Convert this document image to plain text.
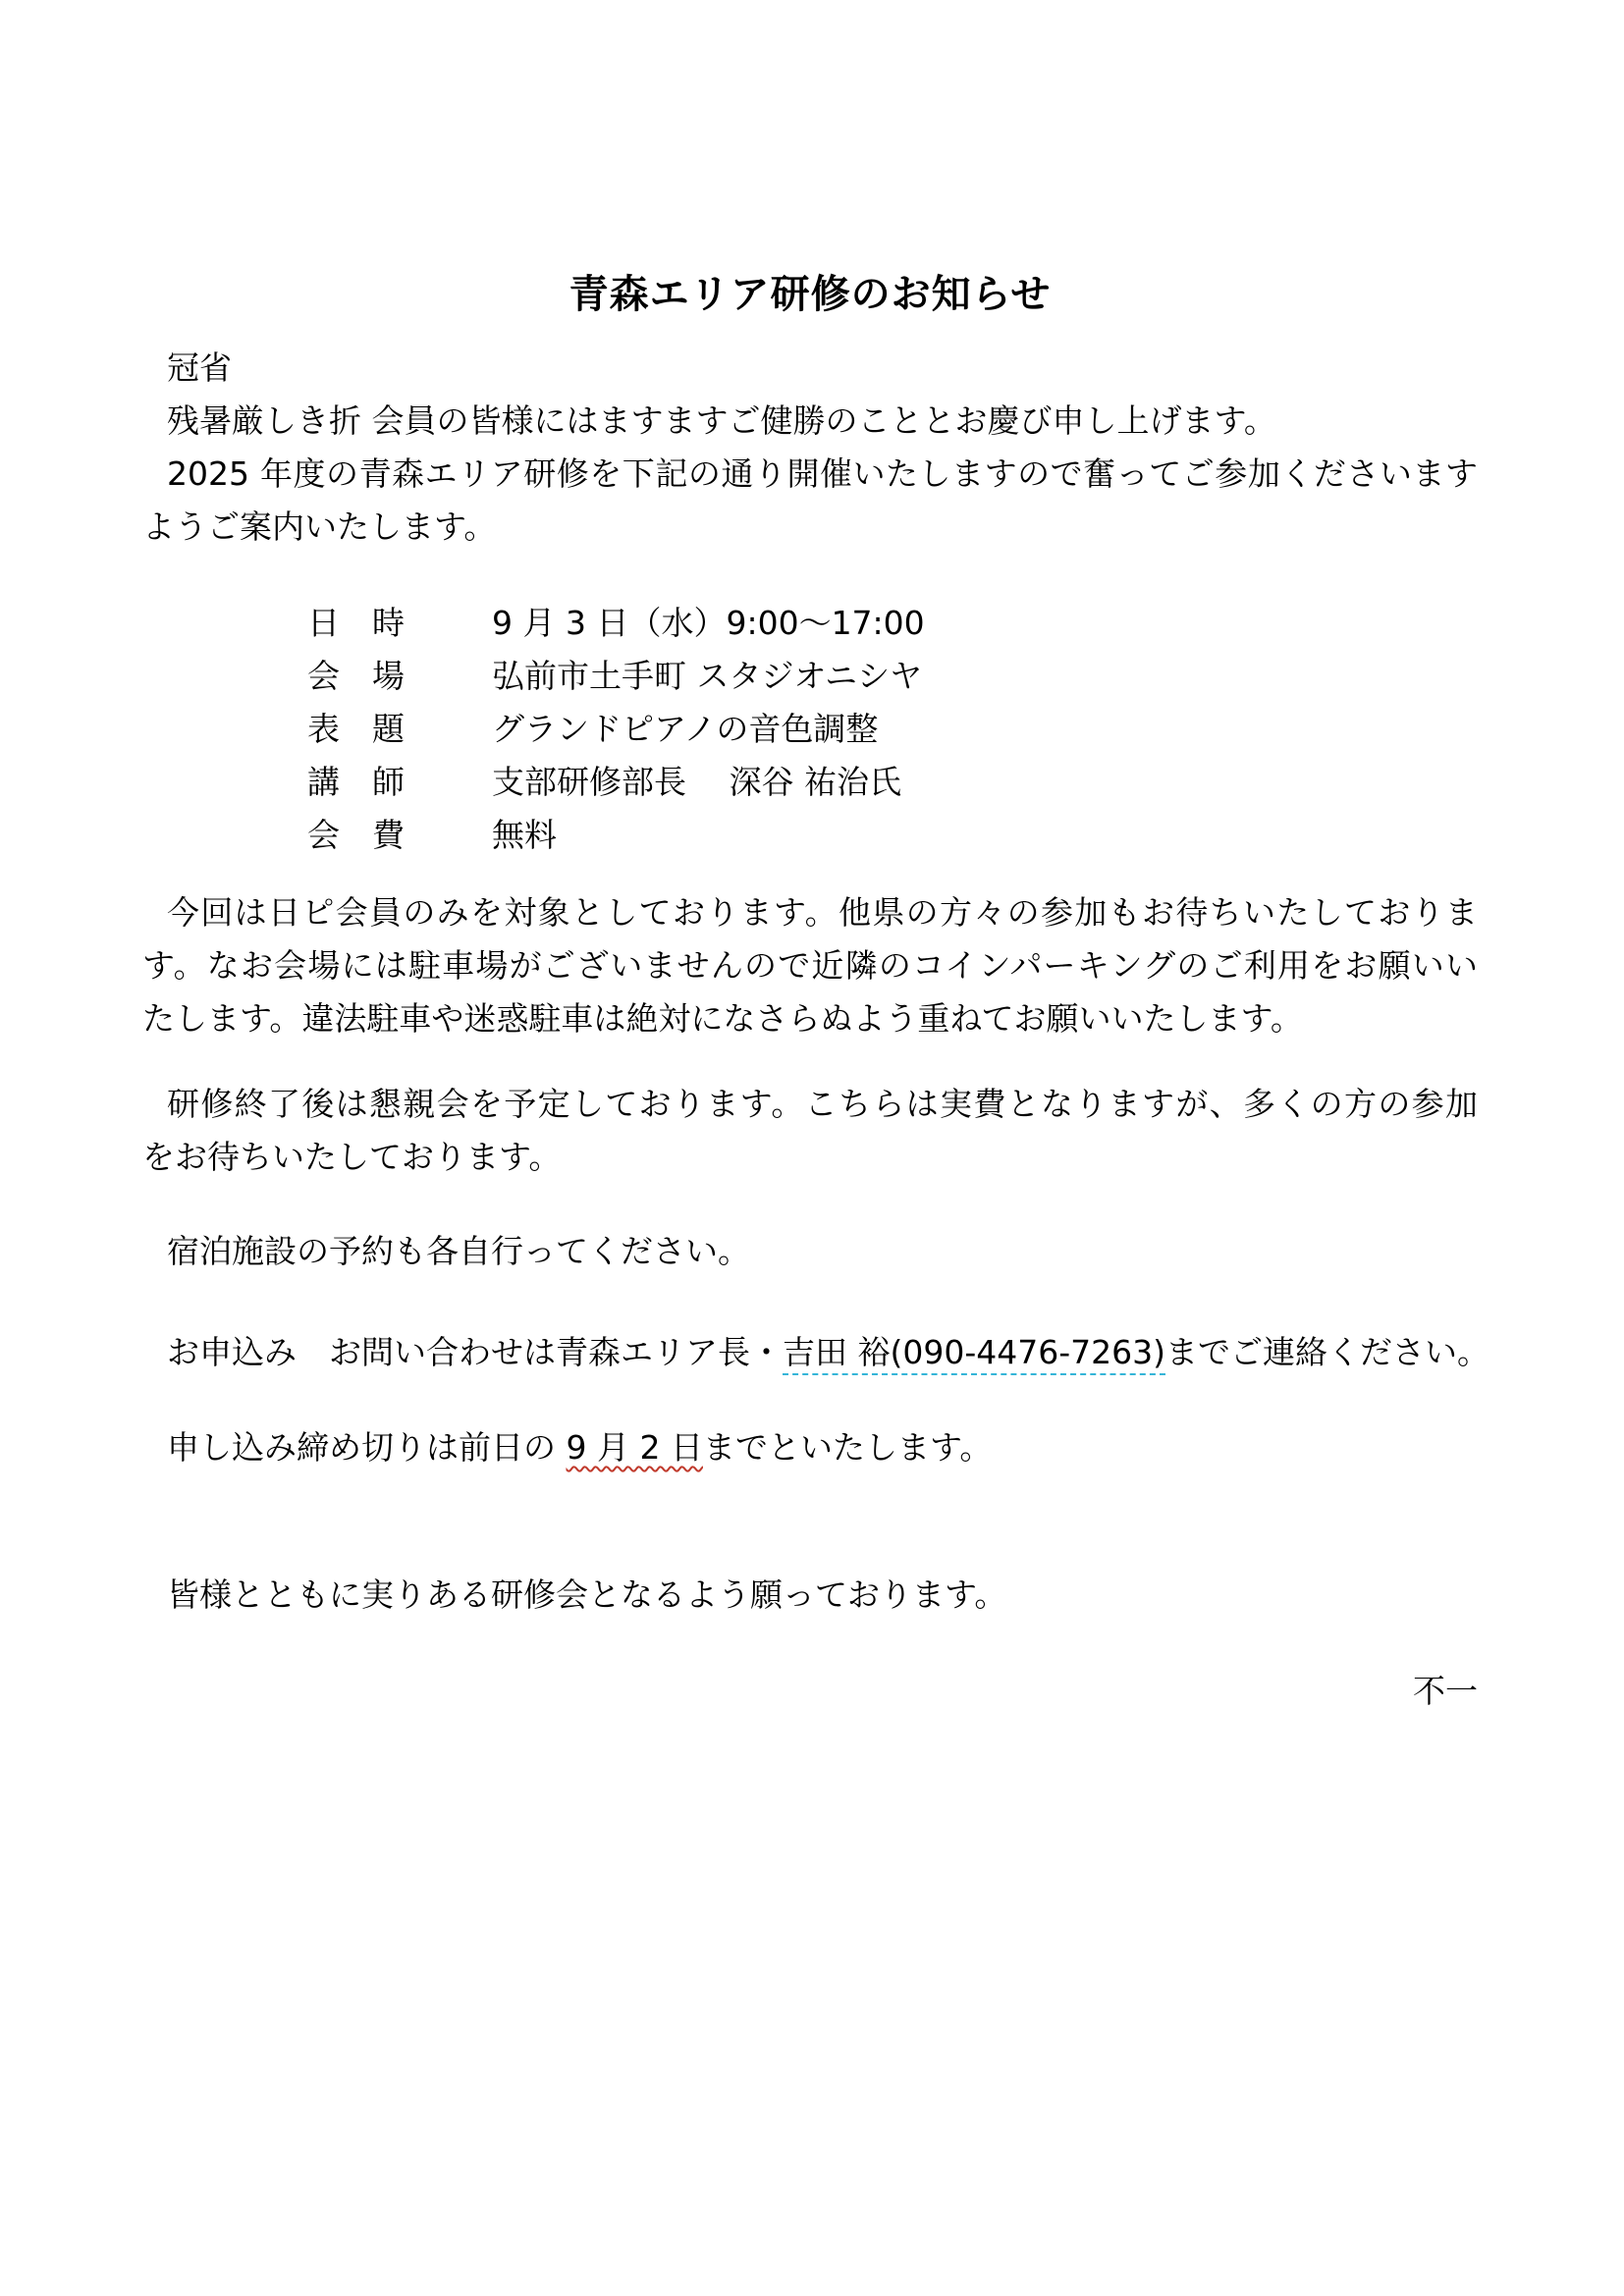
青森エリア研修のお知らせ
冠省
残暑厳しき折 会員の皆様にはますますご健勝のこととお慶び申し上げます。
2025 年度の青森エリア研修を下記の通り開催いたしますので奮ってご参加くださいます
ようご案内いたします。
日　時	9 月 3 日（水）9:00～17:00
会　場	弘前市土手町 スタジオニシヤ
表　題	グランドピアノの音色調整
講　師	支部研修部長　 深谷 祐治氏
会　費	無料
今回は日ピ会員のみを対象としております。他県の方々の参加もお待ちいたしておりま
す。なお会場には駐車場がございませんので近隣のコインパーキングのご利用をお願いい
たします。違法駐車や迷惑駐車は絶対になさらぬよう重ねてお願いいたします。
研修終了後は懇親会を予定しております。こちらは実費となりますが、多くの方の参加
をお待ちいたしております。
宿泊施設の予約も各自行ってください。
お申込み　お問い合わせは青森エリア長・吉田 裕(090-4476-7263)までご連絡ください。
申し込み締め切りは前日の 9 月 2 日までといたします。
皆様とともに実りある研修会となるよう願っております。
不一
